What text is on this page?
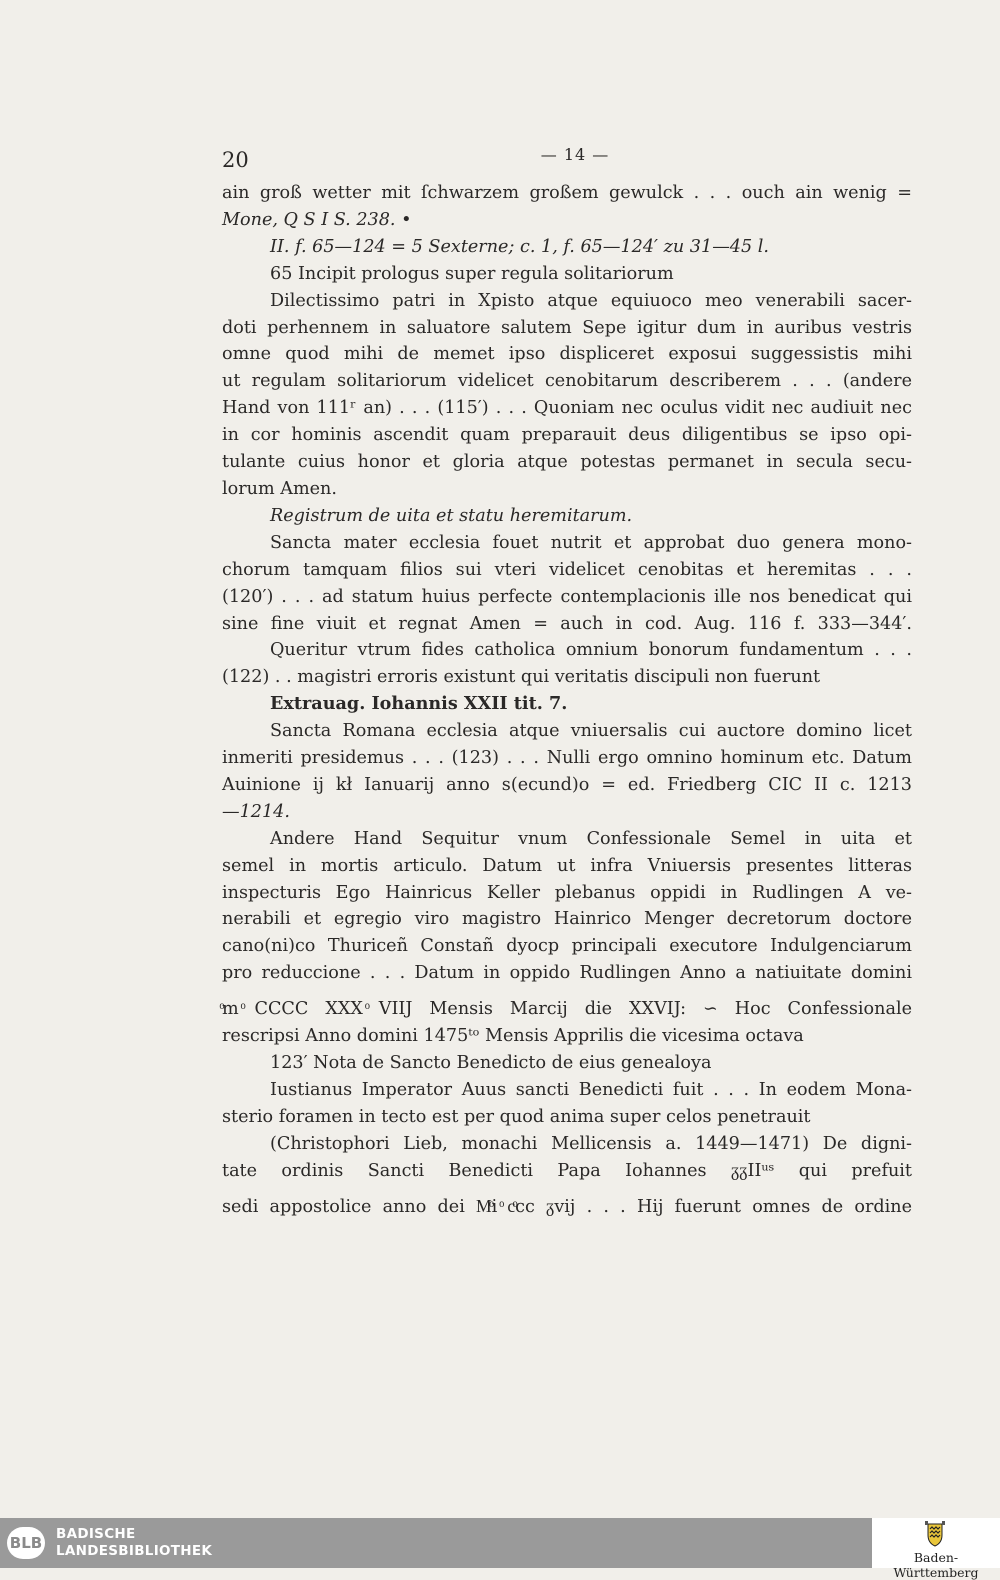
20	— 14 —

ain groß wetter mit ſchwarzem großem gewulck . . . ouch ain wenig =

Mone, Q S I S. 238. •

II. f. 65—124 = 5 Sexterne; c. 1, f. 65—124′ zu 31—45 l.

65 Incipit prologus super regula solitariorum

Dilectissimo patri in Xpisto atque equiuoco meo venerabili sacer-

doti perhennem in saluatore salutem Sepe igitur dum in auribus vestris

omne quod mihi de memet ipso displiceret exposui suggessistis mihi

ut regulam solitariorum videlicet cenobitarum describerem . . . (andere

Hand von 111ʳ an) . . . (115′) . . . Quoniam nec oculus vidit nec audiuit nec

in cor hominis ascendit quam preparauit deus diligentibus se ipso opi-

tulante cuius honor et gloria atque potestas permanet in secula secu-

lorum Amen.

Registrum de uita et statu heremitarum.

Sancta mater ecclesia fouet nutrit et approbat duo genera mono-

chorum tamquam filios sui vteri videlicet cenobitas et heremitas . . .

(120′) . . . ad statum huius perfecte contemplacionis ille nos benedicat qui

sine fine viuit et regnat Amen = auch in cod. Aug. 116 f. 333—344′.

Queritur vtrum fides catholica omnium bonorum fundamentum . . .

(122) . . magistri erroris existunt qui veritatis discipuli non fuerunt

Extrauag. Iohannis XXII tit. 7.

Sancta Romana ecclesia atque vniuersalis cui auctore domino licet

inmeriti presidemus . . . (123) . . . Nulli ergo omnino hominum etc. Datum

Auinione ij kł Ianuarij anno s(ecund)o = ed. Friedberg CIC II c. 1213

—1214.

Andere Hand Sequitur vnum Confessionale Semel in uita et

semel in mortis articulo. Datum ut infra Vniuersis presentes litteras

inspecturis Ego Hainricus Keller plebanus oppidi in Rudlingen A ve-

nerabili et egregio viro magistro Hainrico Menger decretorum doctore

cano(ni)co Thuriceñ Constañ dyocp principali executore Indulgenciarum

pro reduccione . . . Datum in oppido Rudlingen Anno a natiuitate domini

ͦm ͦCCCC XXX ͦVIIJ Mensis Marcij die XXVIJ: ∽ Hoc Confessionale

rescripsi Anno domini 1475ᵗᵒ Mensis Apprilis die vicesima octava

123′ Nota de Sancto Benedicto de eius genealoya

Iustianus Imperator Auus sancti Benedicti fuit . . . In eodem Mona-

sterio foramen in tecto est per quod anima super celos penetrauit

(Christophori Lieb, monachi Mellicensis a. 1449—1471) De digni-

tate ordinis Sancti Benedicti Papa Iohannes ᵹᵹIIᵘˢ qui prefuit

sedi appostolice anno dei Mͦi ͦcͦcc ᵹvij . . . Hij fuerunt omnes de ordine

BLB BADISCHE
LANDESBIBLIOTHEK	Baden-Württemberg
